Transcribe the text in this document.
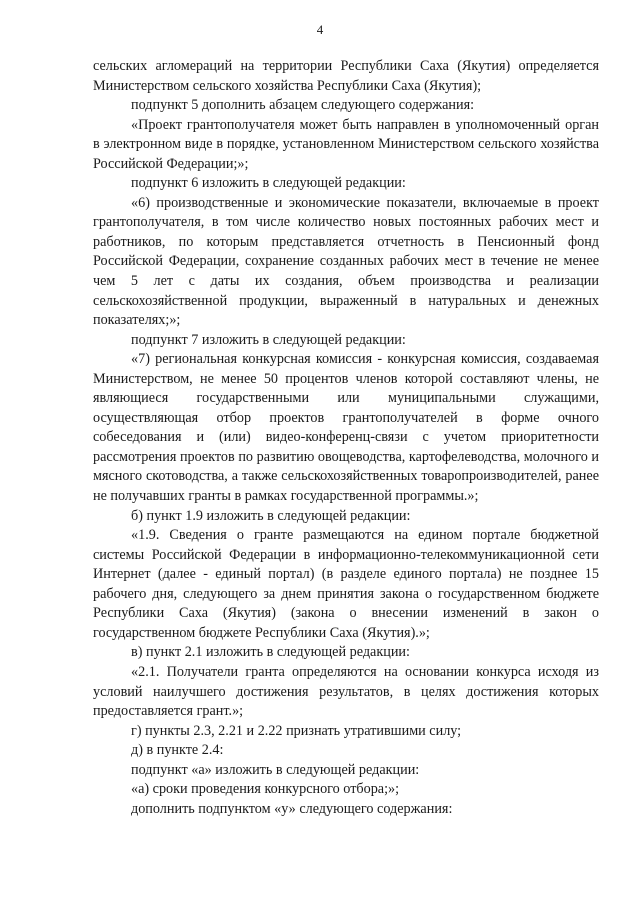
4

сельских агломераций на территории Республики Саха (Якутия) определяется Министерством сельского хозяйства Республики Саха (Якутия);

подпункт 5 дополнить абзацем следующего содержания:

«Проект грантополучателя может быть направлен в уполномоченный орган в электронном виде в порядке, установленном Министерством сельского хозяйства Российской Федерации;»;

подпункт 6 изложить в следующей редакции:

«6) производственные и экономические показатели, включаемые в проект грантополучателя, в том числе количество новых постоянных рабочих мест и работников, по которым представляется отчетность в Пенсионный фонд Российской Федерации, сохранение созданных рабочих мест в течение не менее чем 5 лет с даты их создания, объем производства и реализации сельскохозяйственной продукции, выраженный в натуральных и денежных показателях;»;

подпункт 7 изложить в следующей редакции:

«7) региональная конкурсная комиссия - конкурсная комиссия, создаваемая Министерством, не менее 50 процентов членов которой составляют члены, не являющиеся государственными или муниципальными служащими, осуществляющая отбор проектов грантополучателей в форме очного собеседования и (или) видео-конференц-связи с учетом приоритетности рассмотрения проектов по развитию овощеводства, картофелеводства, молочного и мясного скотоводства, а также сельскохозяйственных товаропроизводителей, ранее не получавших гранты в рамках государственной программы.»;

б) пункт 1.9 изложить в следующей редакции:

«1.9. Сведения о гранте размещаются на едином портале бюджетной системы Российской Федерации в информационно-телекоммуникационной сети Интернет (далее - единый портал) (в разделе единого портала) не позднее 15 рабочего дня, следующего за днем принятия закона о государственном бюджете Республики Саха (Якутия) (закона о внесении изменений в закон о государственном бюджете Республики Саха (Якутия).»;

в) пункт 2.1 изложить в следующей редакции:

«2.1. Получатели гранта определяются на основании конкурса исходя из условий наилучшего достижения результатов, в целях достижения которых предоставляется грант.»;

г) пункты 2.3, 2.21 и 2.22 признать утратившими силу;

д) в пункте 2.4:

подпункт «а» изложить в следующей редакции:

«а) сроки проведения конкурсного отбора;»;

дополнить подпунктом «у» следующего содержания:
